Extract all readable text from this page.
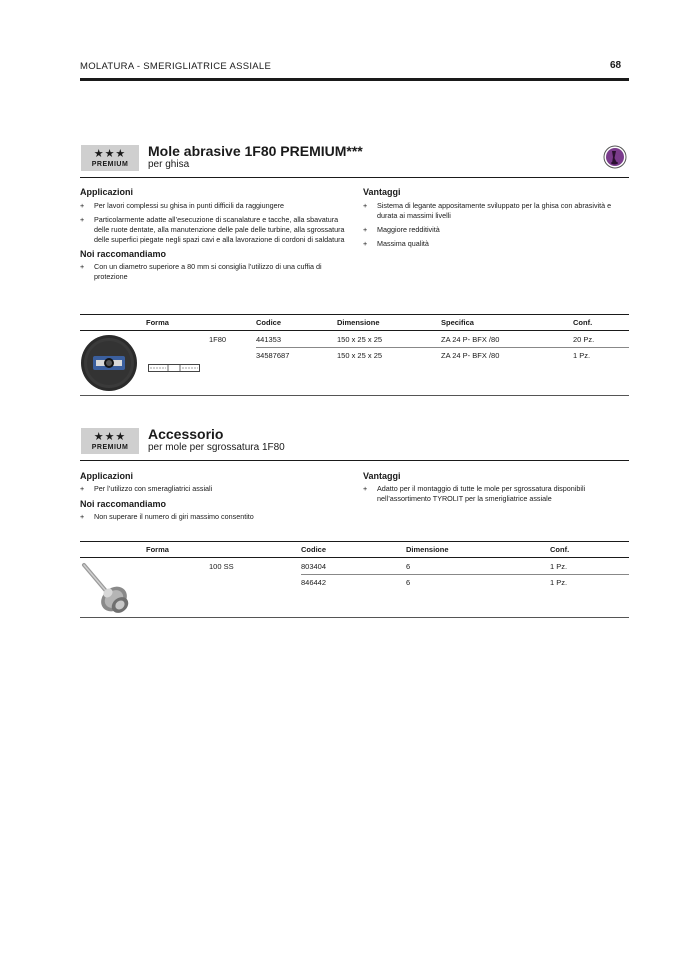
MOLATURA - SMERIGLIATRICE ASSIALE	68
★★★
PREMIUM
Mole abrasive 1F80 PREMIUM***
per ghisa
Applicazioni
+ Per lavori complessi su ghisa in punti difficili da raggiungere
+ Particolarmente adatte all’esecuzione di scanalature e tacche, alla sbavatura delle ruote dentate, alla manutenzione delle pale delle turbine, alla sgrossatura delle superfici piegate negli spazi cavi e alla lavorazione di cordoni di saldatura
Noi raccomandiamo
+ Con un diametro superiore a 80 mm si consiglia l’utilizzo di una cuffia di protezione
Vantaggi
+ Sistema di legante appositamente sviluppato per la ghisa con abrasività e durata ai massimi livelli
+ Maggiore redditività
+ Massima qualità
Forma	Codice	Dimensione	Specifica	Conf.
1F80	441353	150 x 25 x 25	ZA 24 P- BFX /80	20 Pz.
34587687	150 x 25 x 25	ZA 24 P- BFX /80	1 Pz.
★★★
PREMIUM
Accessorio
per mole per sgrossatura 1F80
Applicazioni
+ Per l’utilizzo con smeragliatrici assiali
Noi raccomandiamo
+ Non superare il numero di giri massimo consentito
Vantaggi
+ Adatto per il montaggio di tutte le mole per sgrossatura disponibili nell’assortimento TYROLIT per la smerigliatrice assiale
Forma	Codice	Dimensione	Conf.
100 SS	803404	6	1 Pz.
846442	6	1 Pz.
